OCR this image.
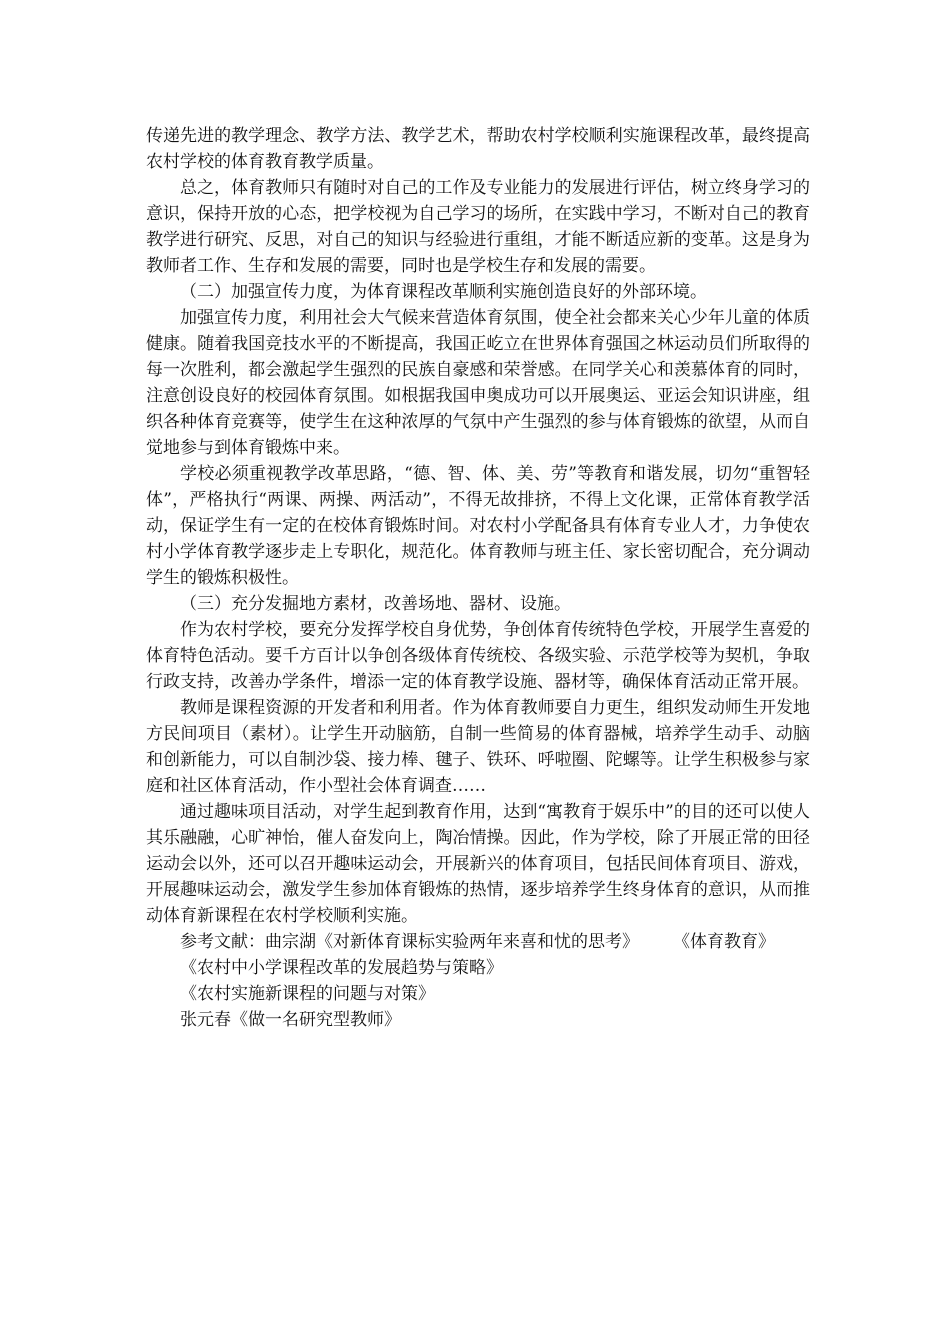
传递先进的教学理念、教学方法、教学艺术，帮助农村学校顺利实施课程改革，最终提高农村学校的体育教育教学质量。

总之，体育教师只有随时对自己的工作及专业能力的发展进行评估，树立终身学习的意识，保持开放的心态，把学校视为自己学习的场所，在实践中学习，不断对自己的教育教学进行研究、反思，对自己的知识与经验进行重组，才能不断适应新的变革。这是身为教师者工作、生存和发展的需要，同时也是学校生存和发展的需要。

（二）加强宣传力度，为体育课程改革顺利实施创造良好的外部环境。

加强宣传力度，利用社会大气候来营造体育氛围，使全社会都来关心少年儿童的体质健康。随着我国竞技水平的不断提高，我国正屹立在世界体育强国之林运动员们所取得的每一次胜利，都会激起学生强烈的民族自豪感和荣誉感。在同学关心和羡慕体育的同时，注意创设良好的校园体育氛围。如根据我国申奥成功可以开展奥运、亚运会知识讲座，组织各种体育竞赛等，使学生在这种浓厚的气氛中产生强烈的参与体育锻炼的欲望，从而自觉地参与到体育锻炼中来。

学校必须重视教学改革思路，“德、智、体、美、劳”等教育和谐发展，切勿“重智轻体”，严格执行“两课、两操、两活动”，不得无故排挤，不得上文化课，正常体育教学活动，保证学生有一定的在校体育锻炼时间。对农村小学配备具有体育专业人才，力争使农村小学体育教学逐步走上专职化，规范化。体育教师与班主任、家长密切配合，充分调动学生的锻炼积极性。

（三）充分发掘地方素材，改善场地、器材、设施。

作为农村学校，要充分发挥学校自身优势，争创体育传统特色学校，开展学生喜爱的体育特色活动。要千方百计以争创各级体育传统校、各级实验、示范学校等为契机，争取行政支持，改善办学条件，增添一定的体育教学设施、器材等，确保体育活动正常开展。

教师是课程资源的开发者和利用者。作为体育教师要自力更生，组织发动师生开发地方民间项目（素材）。让学生开动脑筋，自制一些简易的体育器械，培养学生动手、动脑和创新能力，可以自制沙袋、接力棒、毽子、铁环、呼啦圈、陀螺等。让学生积极参与家庭和社区体育活动，作小型社会体育调查……

通过趣味项目活动，对学生起到教育作用，达到“寓教育于娱乐中”的目的还可以使人其乐融融，心旷神怡，催人奋发向上，陶冶情操。因此，作为学校，除了开展正常的田径运动会以外，还可以召开趣味运动会，开展新兴的体育项目，包括民间体育项目、游戏，开展趣味运动会，激发学生参加体育锻炼的热情，逐步培养学生终身体育的意识，从而推动体育新课程在农村学校顺利实施。

参考文献：曲宗湖《对新体育课标实验两年来喜和忧的思考》　　　《体育教育》

《农村中小学课程改革的发展趋势与策略》

《农村实施新课程的问题与对策》

张元春《做一名研究型教师》
